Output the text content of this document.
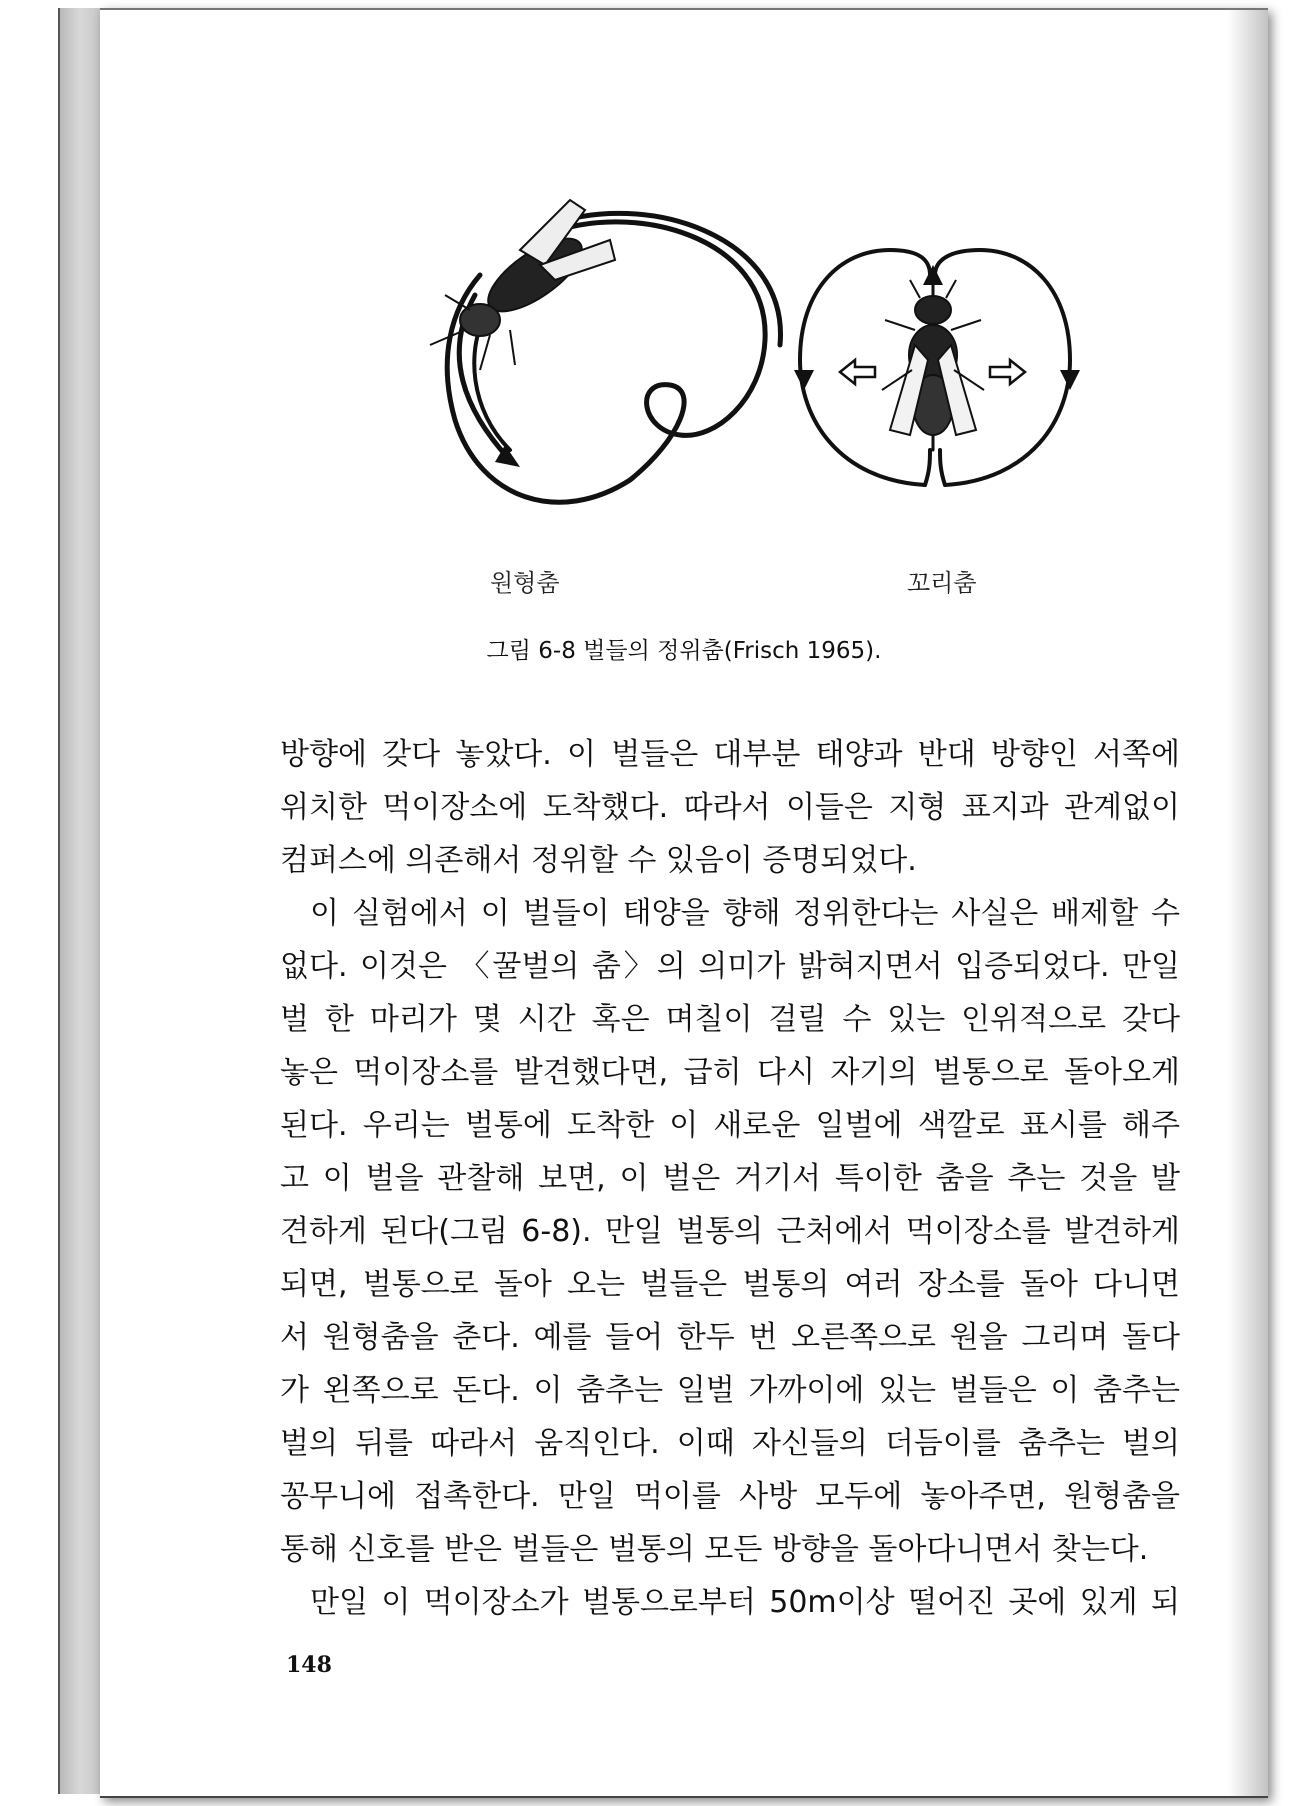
원형춤	꼬리춤
그림 6-8 벌들의 정위춤(Frisch 1965).
방향에 갖다 놓았다. 이 벌들은 대부분 태양과 반대 방향인 서쪽에
위치한 먹이장소에 도착했다. 따라서 이들은 지형 표지과 관계없이
컴퍼스에 의존해서 정위할 수 있음이 증명되었다.
이 실험에서 이 벌들이 태양을 향해 정위한다는 사실은 배제할 수
없다. 이것은 〈꿀벌의 춤〉의 의미가 밝혀지면서 입증되었다. 만일
벌 한 마리가 몇 시간 혹은 며칠이 걸릴 수 있는 인위적으로 갖다
놓은 먹이장소를 발견했다면, 급히 다시 자기의 벌통으로 돌아오게
된다. 우리는 벌통에 도착한 이 새로운 일벌에 색깔로 표시를 해주
고 이 벌을 관찰해 보면, 이 벌은 거기서 특이한 춤을 추는 것을 발
견하게 된다(그림 6-8). 만일 벌통의 근처에서 먹이장소를 발견하게
되면, 벌통으로 돌아 오는 벌들은 벌통의 여러 장소를 돌아 다니면
서 원형춤을 춘다. 예를 들어 한두 번 오른쪽으로 원을 그리며 돌다
가 왼쪽으로 돈다. 이 춤추는 일벌 가까이에 있는 벌들은 이 춤추는
벌의 뒤를 따라서 움직인다. 이때 자신들의 더듬이를 춤추는 벌의
꽁무니에 접촉한다. 만일 먹이를 사방 모두에 놓아주면, 원형춤을
통해 신호를 받은 벌들은 벌통의 모든 방향을 돌아다니면서 찾는다.
만일 이 먹이장소가 벌통으로부터 50m이상 떨어진 곳에 있게 되
148
